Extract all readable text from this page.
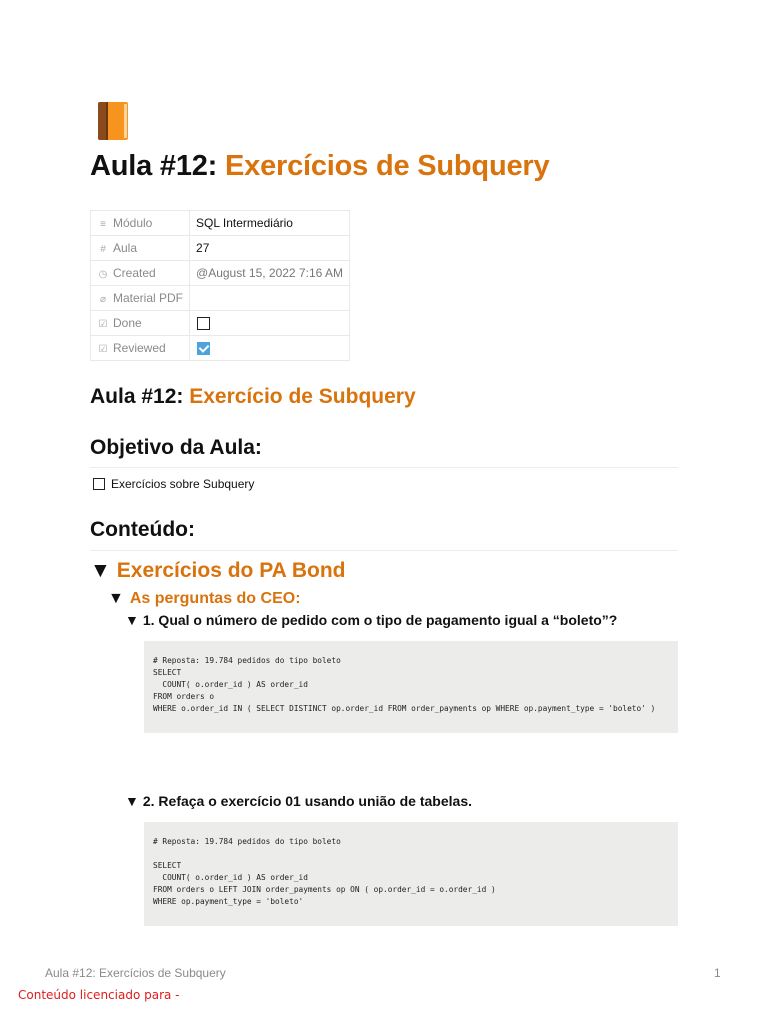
Aula #12: Exercícios de Subquery
≡ Módulo	SQL Intermediário
# Aula	27
◷ Created	@August 15, 2022 7:16 AM
⌀ Material PDF	
☑ Done	
☑ Reviewed	
Aula #12: Exercício de Subquery
Objetivo da Aula:
Exercícios sobre Subquery
Conteúdo:
▼ Exercícios do PA Bond
▼ As perguntas do CEO:
▼ 1. Qual o número de pedido com o tipo de pagamento igual a “boleto”?
# Reposta: 19.784 pedidos do tipo boleto
SELECT
COUNT( o.order_id ) AS order_id
FROM orders o
WHERE o.order_id IN ( SELECT DISTINCT op.order_id FROM order_payments op WHERE op.payment_type = 'boleto' )
▼ 2. Refaça o exercício 01 usando união de tabelas.
# Reposta: 19.784 pedidos do tipo boleto

SELECT
COUNT( o.order_id ) AS order_id
FROM orders o LEFT JOIN order_payments op ON ( op.order_id = o.order_id )
WHERE op.payment_type = 'boleto'
Aula #12: Exercícios de Subquery	1
Conteúdo licenciado para -
